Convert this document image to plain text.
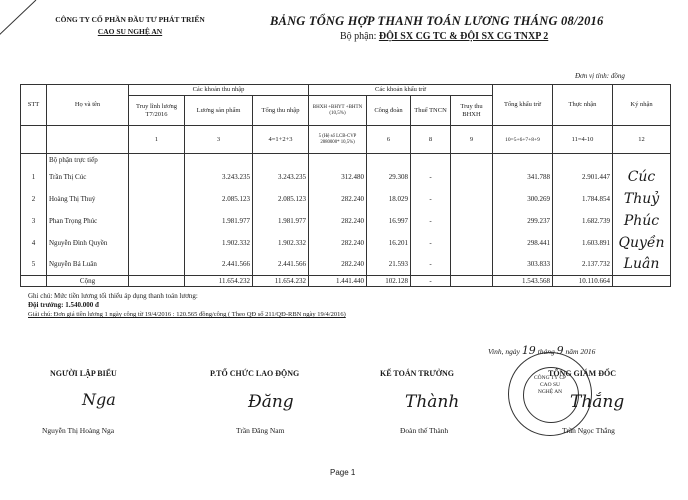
CÔNG TY CỔ PHẦN ĐẦU TƯ PHÁT TRIỂN
CAO SU NGHỆ AN
BẢNG TỔNG HỢP THANH TOÁN LƯƠNG THÁNG 08/2016
Bộ phận: ĐỘI SX CG TC & ĐỘI SX CG TNXP 2
Đơn vị tính: đồng
STT	Họ và tên	Các khoản thu nhập			Các khoản khấu trừ				Tổng khấu trừ	Thực nhận	Ký nhận
		Truy lĩnh lương T7/2016	Lương sản phẩm	Tổng thu nhập	BHXH +BHYT +BHTN (10,5%)	Công đoàn	Thuế TNCN	Truy thu BHXH			
		1	3	4=1+2+3	5 (Hệ số LCB-CVP 2880000* 10,5%)	6	8	9	10=5+6+7+8+9	11=4-10	12
	Bộ phận trực tiếp										
1	Trần Thị Cúc		3.243.235	3.243.235	312.480	29.308	-		341.788	2.901.447	Cúc
2	Hoàng Thị Thuỷ		2.085.123	2.085.123	282.240	18.029	-		300.269	1.784.854	Thuỷ
3	Phan Trọng Phúc		1.981.977	1.981.977	282.240	16.997	-		299.237	1.682.739	Phúc
4	Nguyễn Đình Quyền		1.902.332	1.902.332	282.240	16.201	-		298.441	1.603.891	Quyền
5	Nguyễn Bá Luân		2.441.566	2.441.566	282.240	21.593	-		303.833	2.137.732	Luân
	Cộng		11.654.232	11.654.232	1.441.440	102.128	-		1.543.568	10.110.664	
Ghi chú: Mức tiền lương tối thiểu áp dụng thanh toán lương:
Đội trưởng: 1.540.000 đ
Giải chú: Đơn giá tiền lương 1 ngày công từ 19/4/2016 : 120.565 đồng/công ( Theo QĐ số 211/QĐ-RBN ngày 19/4/2016)
Vinh, ngày 19 tháng 9 năm 2016
NGƯỜI LẬP BIỂU	P.TỔ CHỨC LAO ĐỘNG	KẾ TOÁN TRƯỞNG	TỔNG GIÁM ĐỐC
CÔNG TY CP
CAO SU
NGHỆ AN
Nga	Đăng	Thành	Thắng
Nguyễn Thị Hoàng Nga	Trần Đăng Nam	Đoàn thế Thành	Trần Ngọc Thắng
Page 1
